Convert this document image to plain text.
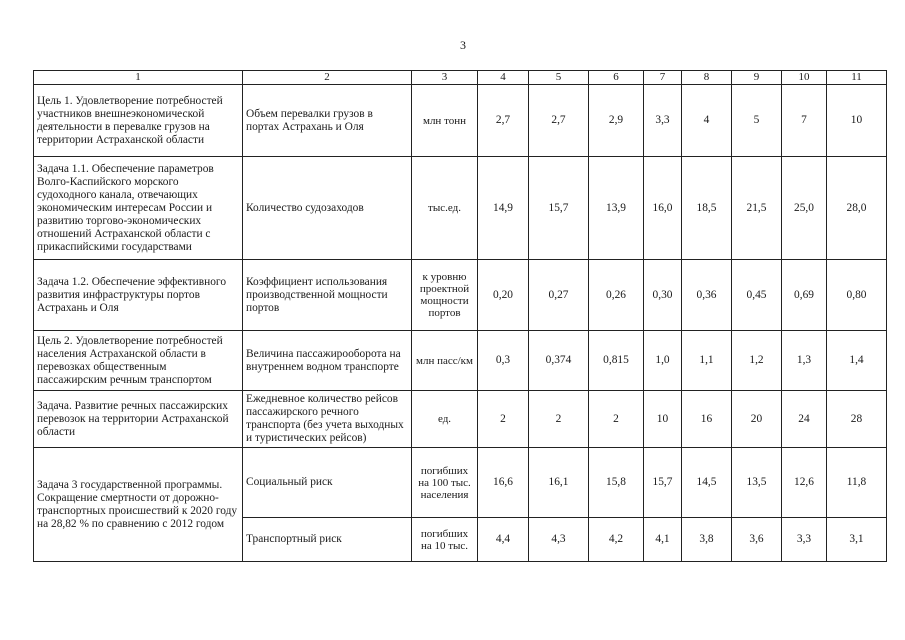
3
1	2	3	4	5	6	7	8	9	10	11
Цель 1. Удовлетворение потребностей участников внешнеэкономической деятельности в перевалке грузов на территории Астраханской области	Объем перевалки грузов в портах Астрахань и Оля	млн тонн	2,7	2,7	2,9	3,3	4	5	7	10
Задача 1.1. Обеспечение параметров Волго-Каспийского морского судоходного канала, отвечающих экономическим интересам России и развитию торгово-экономических отношений Астраханской области с прикаспийскими государствами	Количество судозаходов	тыс.ед.	14,9	15,7	13,9	16,0	18,5	21,5	25,0	28,0
Задача 1.2. Обеспечение эффективного развития инфраструктуры портов Астрахань и Оля	Коэффициент использования производственной мощности портов	к уровню проектной мощности портов	0,20	0,27	0,26	0,30	0,36	0,45	0,69	0,80
Цель 2. Удовлетворение потребностей населения Астраханской области в перевозках общественным пассажирским речным транспортом	Величина пассажирооборота на внутреннем водном транспорте	млн пасс/км	0,3	0,374	0,815	1,0	1,1	1,2	1,3	1,4
Задача. Развитие речных пассажирских перевозок на территории Астраханской области	Ежедневное количество рейсов пассажирского речного транспорта (без учета выходных и туристических рейсов)	ед.	2	2	2	10	16	20	24	28
Задача 3 государственной программы. Сокращение смертности от дорожно-транспортных происшествий к 2020 году на 28,82 % по сравнению с 2012 годом	Социальный риск	погибших на 100 тыс. населения	16,6	16,1	15,8	15,7	14,5	13,5	12,6	11,8
	Транспортный риск	погибших на 10 тыс.	4,4	4,3	4,2	4,1	3,8	3,6	3,3	3,1
